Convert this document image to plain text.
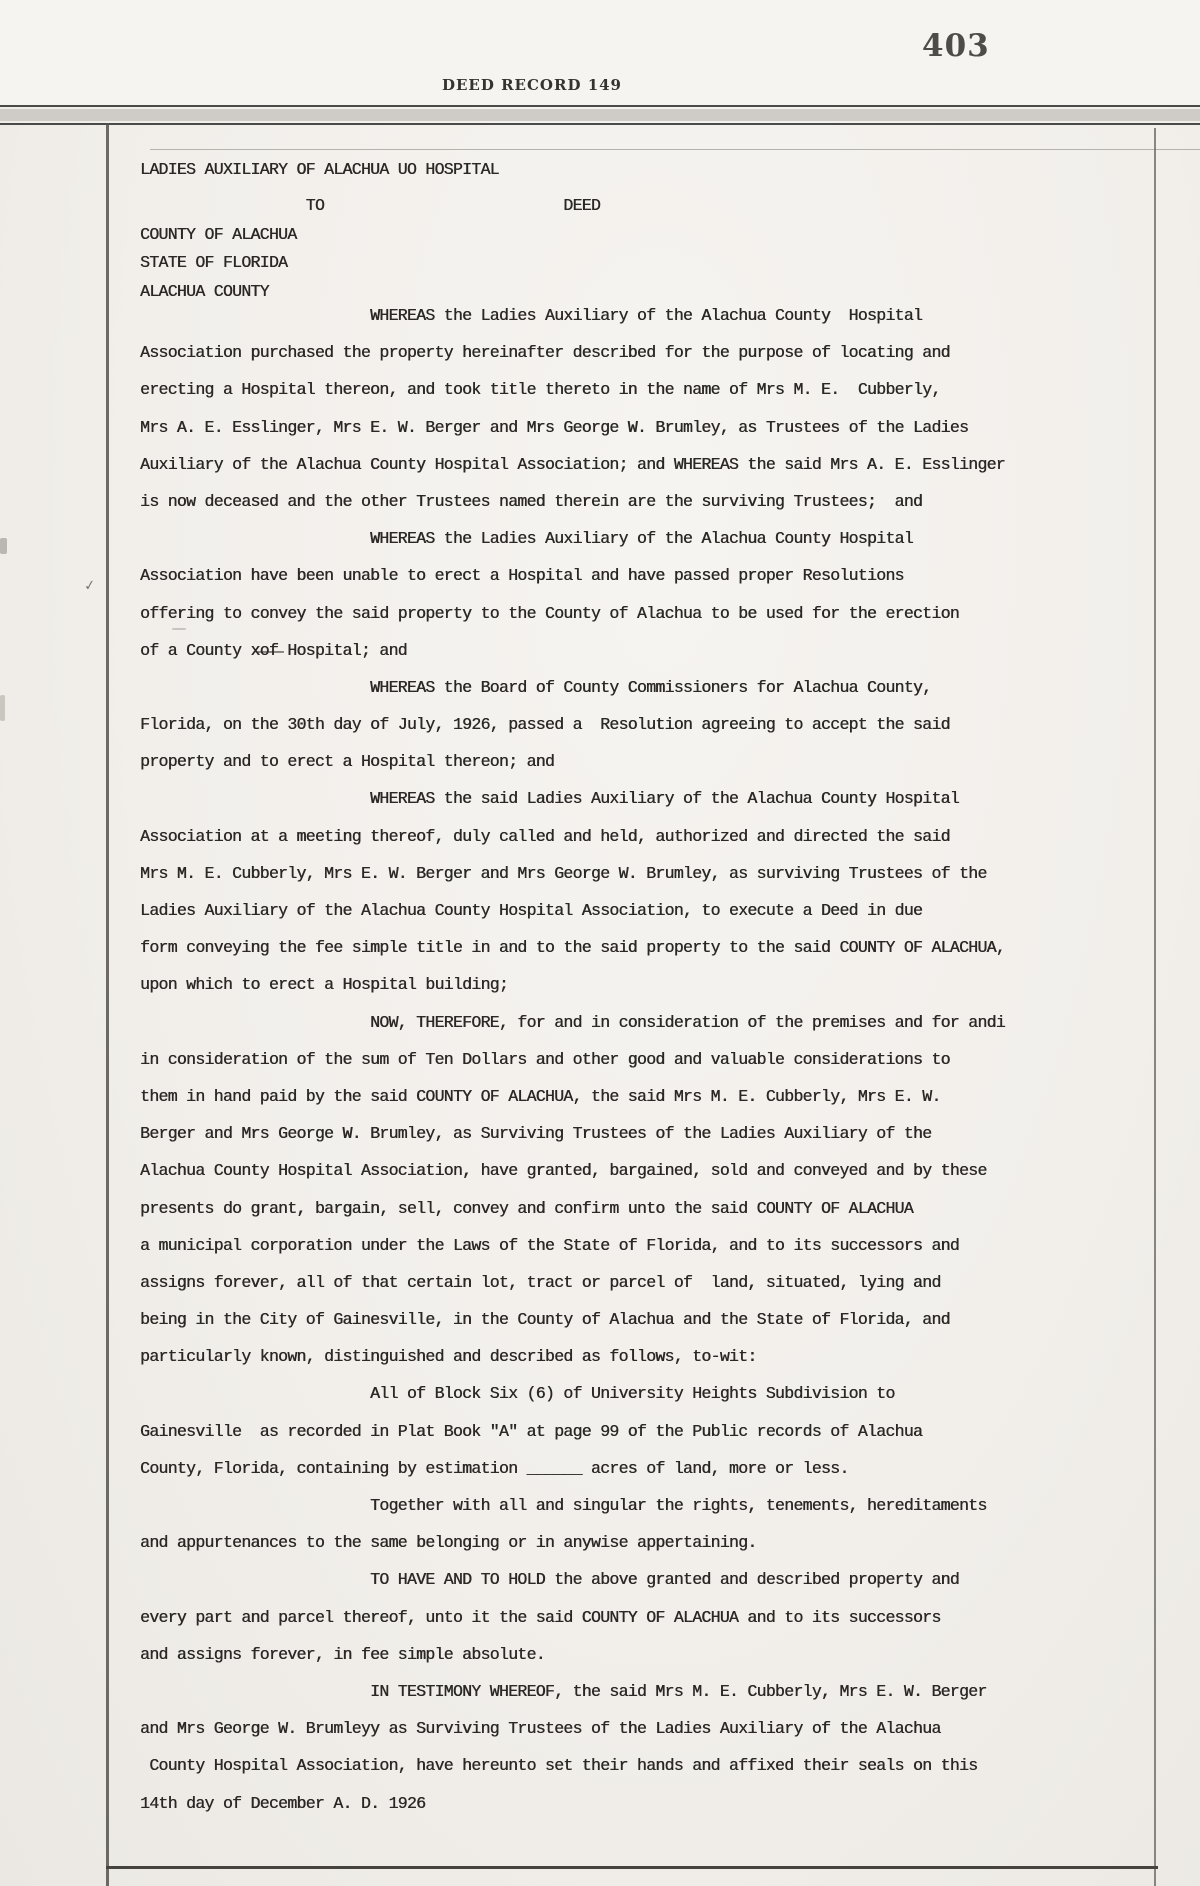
403
DEED RECORD 149
✓
LADIES AUXILIARY OF ALACHUA UO HOSPITAL
TO                          DEED
COUNTY OF ALACHUA
STATE OF FLORIDA
ALACHUA COUNTY
WHEREAS the Ladies Auxiliary of the Alachua County  Hospital
Association purchased the property hereinafter described for the purpose of locating and
erecting a Hospital thereon, and took title thereto in the name of Mrs M. E.  Cubberly,
Mrs A. E. Esslinger, Mrs E. W. Berger and Mrs George W. Brumley, as Trustees of the Ladies
Auxiliary of the Alachua County Hospital Association; and WHEREAS the said Mrs A. E. Esslinger
is now deceased and the other Trustees named therein are the surviving Trustees;  and
WHEREAS the Ladies Auxiliary of the Alachua County Hospital
Association have been unable to erect a Hospital and have passed proper Resolutions
offering to convey the said property to the County of Alachua to be used for the erection
of a County x̶o̶f̶ Hospital; and
WHEREAS the Board of County Commissioners for Alachua County,
Florida, on the 30th day of July, 1926, passed a  Resolution agreeing to accept the said
property and to erect a Hospital thereon; and
WHEREAS the said Ladies Auxiliary of the Alachua County Hospital
Association at a meeting thereof, duly called and held, authorized and directed the said
Mrs M. E. Cubberly, Mrs E. W. Berger and Mrs George W. Brumley, as surviving Trustees of the
Ladies Auxiliary of the Alachua County Hospital Association, to execute a Deed in due
form conveying the fee simple title in and to the said property to the said COUNTY OF ALACHUA,
upon which to erect a Hospital building;
NOW, THEREFORE, for and in consideration of the premises and for andi
in consideration of the sum of Ten Dollars and other good and valuable considerations to
them in hand paid by the said COUNTY OF ALACHUA, the said Mrs M. E. Cubberly, Mrs E. W.
Berger and Mrs George W. Brumley, as Surviving Trustees of the Ladies Auxiliary of the
Alachua County Hospital Association, have granted, bargained, sold and conveyed and by these
presents do grant, bargain, sell, convey and confirm unto the said COUNTY OF ALACHUA
a municipal corporation under the Laws of the State of Florida, and to its successors and
assigns forever, all of that certain lot, tract or parcel of  land, situated, lying and
being in the City of Gainesville, in the County of Alachua and the State of Florida, and
particularly known, distinguished and described as follows, to-wit:
All of Block Six (6) of University Heights Subdivision to
Gainesville  as recorded in Plat Book "A" at page 99 of the Public records of Alachua
County, Florida, containing by estimation ______ acres of land, more or less.
Together with all and singular the rights, tenements, hereditaments
and appurtenances to the same belonging or in anywise appertaining.
TO HAVE AND TO HOLD the above granted and described property and
every part and parcel thereof, unto it the said COUNTY OF ALACHUA and to its successors
and assigns forever, in fee simple absolute.
IN TESTIMONY WHEREOF, the said Mrs M. E. Cubberly, Mrs E. W. Berger
and Mrs George W. Brumleyy as Surviving Trustees of the Ladies Auxiliary of the Alachua
County Hospital Association, have hereunto set their hands and affixed their seals on this
14th day of December A. D. 1926
